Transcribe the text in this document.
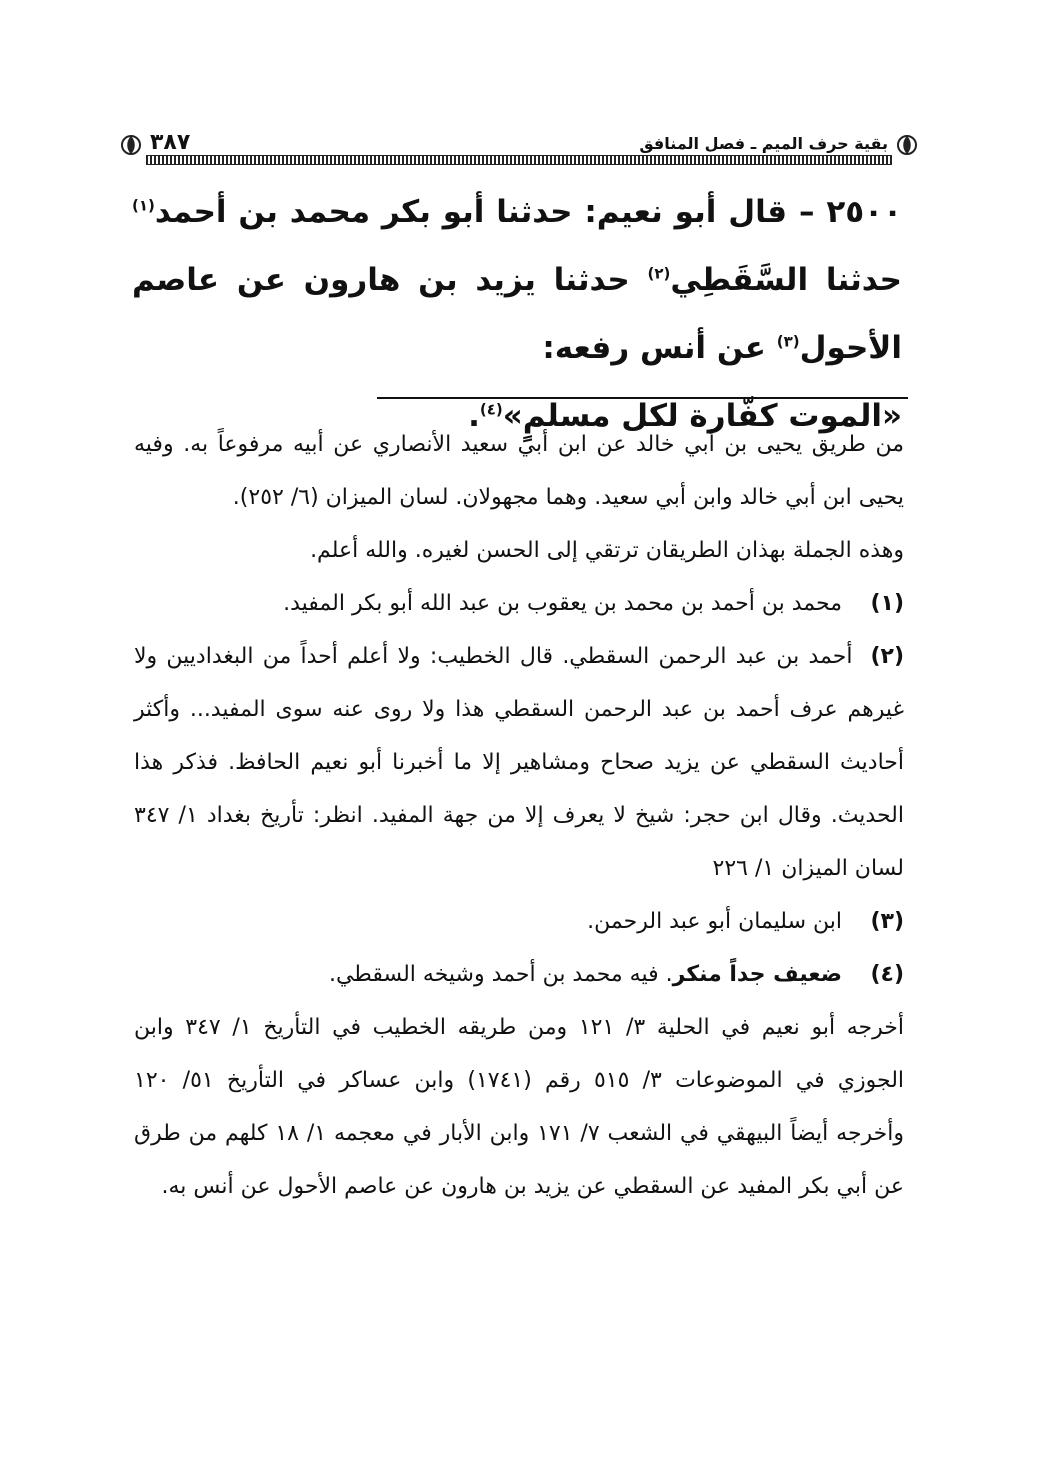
بقية حرف الميم ـ فصل المنافق
٣٨٧

٢٥٠٠ – قال أبو نعيم: حدثنا أبو بكر محمد بن أحمد$^{(١)}$ حدثنا السَّقَطِي$^{(٢)}$ حدثنا يزيد بن هارون عن عاصم الأحول$^{(٣)}$ عن أنس رفعه:

«الموت كفّارة لكل مسلمٍ»$^{(٤)}$.

من طريق يحيى بن أبي خالد عن ابن أبي سعيد الأنصاري عن أبيه مرفوعاً به. وفيه يحيى ابن أبي خالد وابن أبي سعيد. وهما مجهولان. لسان الميزان (٦/ ٢٥٢).

وهذه الجملة بهذان الطريقان ترتقي إلى الحسن لغيره. والله أعلم.

(١)
محمد بن أحمد بن محمد بن يعقوب بن عبد الله أبو بكر المفيد.

(٢)أحمد بن عبد الرحمن السقطي. قال الخطيب: ولا أعلم أحداً من البغداديين ولا غيرهم عرف أحمد بن عبد الرحمن السقطي هذا ولا روى عنه سوى المفيد... وأكثر أحاديث السقطي عن يزيد صحاح ومشاهير إلا ما أخبرنا أبو نعيم الحافظ. فذكر هذا الحديث. وقال ابن حجر: شيخ لا يعرف إلا من جهة المفيد. انظر: تأريخ بغداد ١/ ٣٤٧ لسان الميزان ١/ ٢٢٦

(٣)
ابن سليمان أبو عبد الرحمن.

(٤)
ضعيف جداً منكر. فيه محمد بن أحمد وشيخه السقطي.

أخرجه أبو نعيم في الحلية ٣/ ١٢١ ومن طريقه الخطيب في التأريخ ١/ ٣٤٧ وابن الجوزي في الموضوعات ٣/ ٥١٥ رقم (١٧٤١) وابن عساكر في التأريخ ٥١/ ١٢٠ وأخرجه أيضاً البيهقي في الشعب ٧/ ١٧١ وابن الأبار في معجمه ١/ ١٨ كلهم من طرق عن أبي بكر المفيد عن السقطي عن يزيد بن هارون عن عاصم الأحول عن أنس به.
